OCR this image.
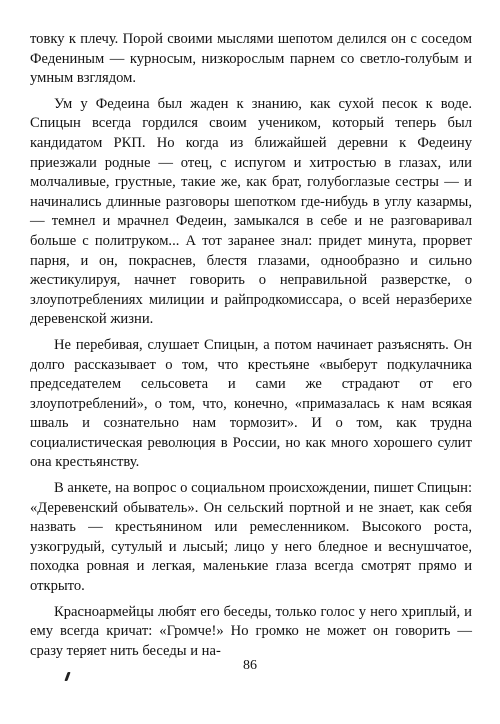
товку к плечу. Порой своими мыслями шепотом делился он с соседом Федениным — курносым, низкорослым парнем со светло-голубым и умным взглядом.

Ум у Федеина был жаден к знанию, как сухой песок к воде. Спицын всегда гордился своим учеником, который теперь был кандидатом РКП. Но когда из ближайшей деревни к Федеину приезжали родные — отец, с испугом и хитростью в глазах, или молчаливые, грустные, такие же, как брат, голубоглазые сестры — и начинались длинные разговоры шепотком где-нибудь в углу казармы, — темнел и мрачнел Федеин, замыкался в себе и не разговаривал больше с политруком... А тот заранее знал: придет минута, прорвет парня, и он, покраснев, блестя глазами, однообразно и сильно жестикулируя, начнет говорить о неправильной разверстке, о злоупотреблениях милиции и райпродкомиссара, о всей неразберихе деревенской жизни.

Не перебивая, слушает Спицын, а потом начинает разъяснять. Он долго рассказывает о том, что крестьяне «выберут подкулачника председателем сельсовета и сами же страдают от его злоупотреблений», о том, что, конечно, «примазалась к нам всякая шваль и сознательно нам тормозит». И о том, как трудна социалистическая революция в России, но как много хорошего сулит она крестьянству.

В анкете, на вопрос о социальном происхождении, пишет Спицын: «Деревенский обыватель». Он сельский портной и не знает, как себя назвать — крестьянином или ремесленником. Высокого роста, узкогрудый, сутулый и лысый; лицо у него бледное и веснушчатое, походка ровная и легкая, маленькие глаза всегда смотрят прямо и открыто.

Красноармейцы любят его беседы, только голос у него хриплый, и ему всегда кричат: «Громче!» Но громко не может он говорить — сразу теряет нить беседы и на-

86
